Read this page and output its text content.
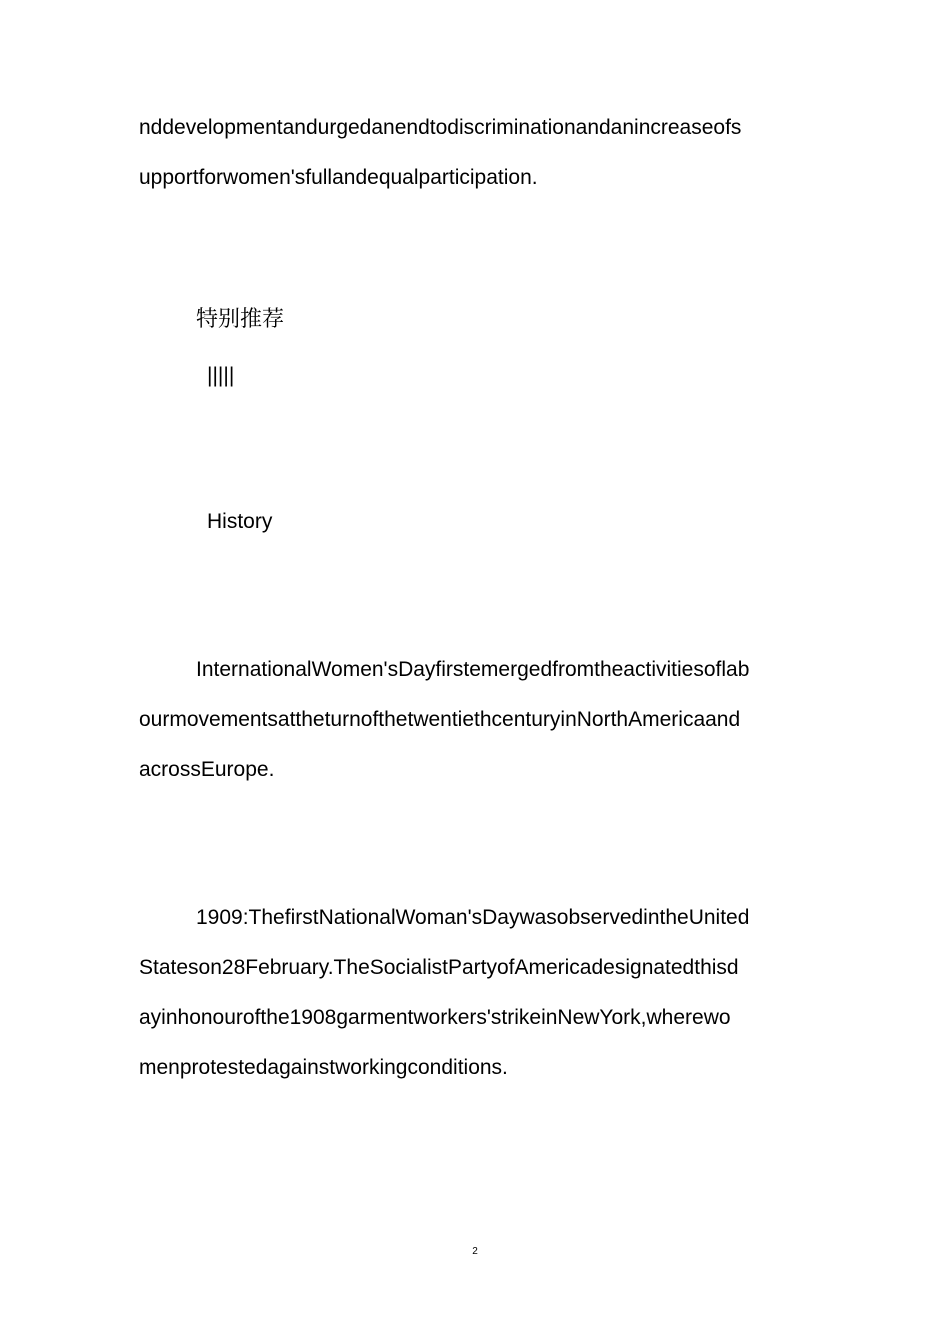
nddevelopmentandurgedanendtodiscriminationandanincreaseofs
upportforwomen'sfullandequalparticipation.
特别推荐
|||||
History
InternationalWomen'sDayfirstemergedfromtheactivitiesoflab
ourmovementsattheturnofthetwentiethcenturyinNorthAmericaand
acrossEurope.
1909:ThefirstNationalWoman'sDaywasobservedintheUnited
Stateson28February.TheSocialistPartyofAmericadesignatedthisd
ayinhonourofthe1908garmentworkers'strikeinNewYork,wherewo
menprotestedagainstworkingconditions.
2
